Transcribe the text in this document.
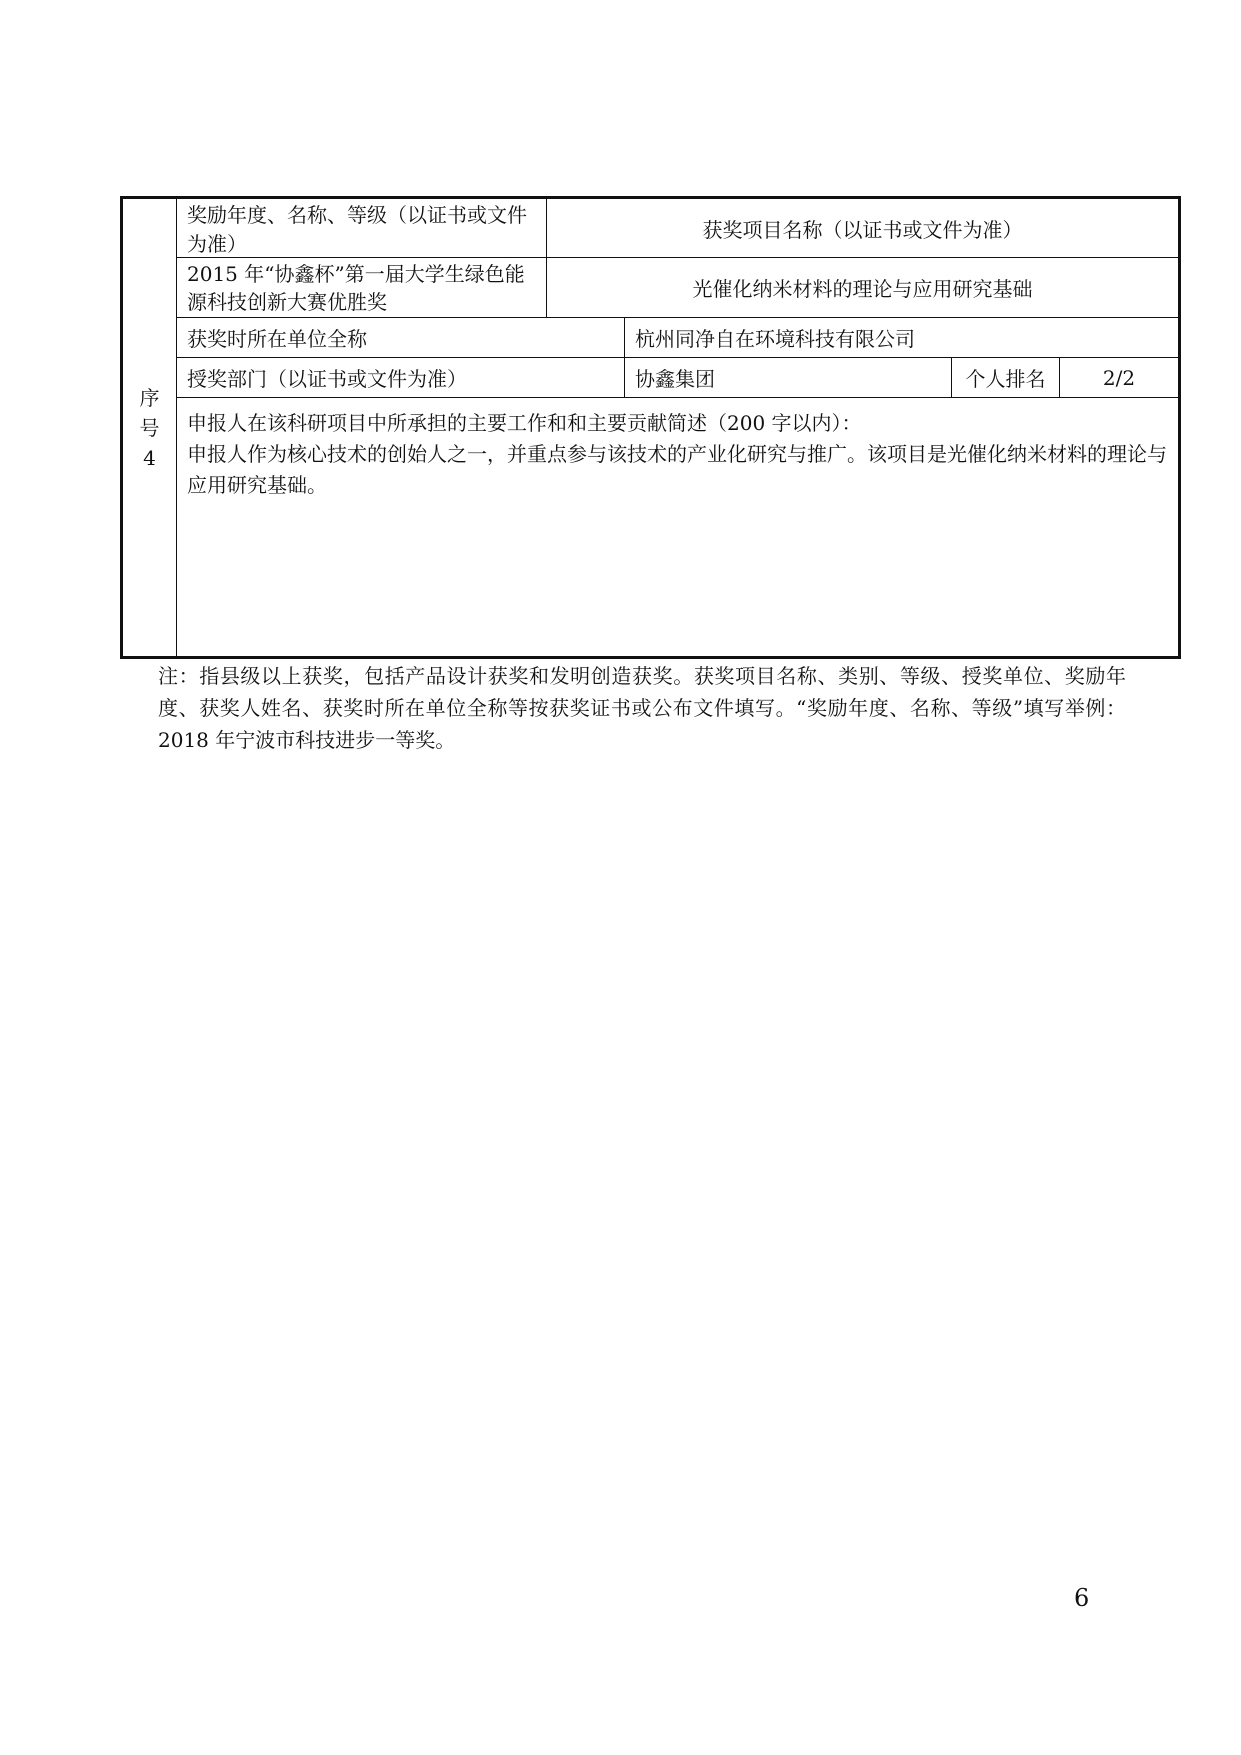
序
号
4	奖励年度、名称、等级（以证书或文件为准）	获奖项目名称（以证书或文件为准）			
	2015 年“协鑫杯”第一届大学生绿色能源科技创新大赛优胜奖	光催化纳米材料的理论与应用研究基础			
	获奖时所在单位全称		杭州同净自在环境科技有限公司		
	授奖部门（以证书或文件为准）		协鑫集团	个人排名	2/2

	申报人在该科研项目中所承担的主要工作和和主要贡献简述（200 字以内）：
申报人作为核心技术的创始人之一，并重点参与该技术的产业化研究与推广。该项目是光催化纳米材料的理论与应用研究基础。				
注：指县级以上获奖，包括产品设计获奖和发明创造获奖。获奖项目名称、类别、等级、授奖单位、奖励年度、获奖人姓名、获奖时所在单位全称等按获奖证书或公布文件填写。“奖励年度、名称、等级”填写举例：2018 年宁波市科技进步一等奖。
6
